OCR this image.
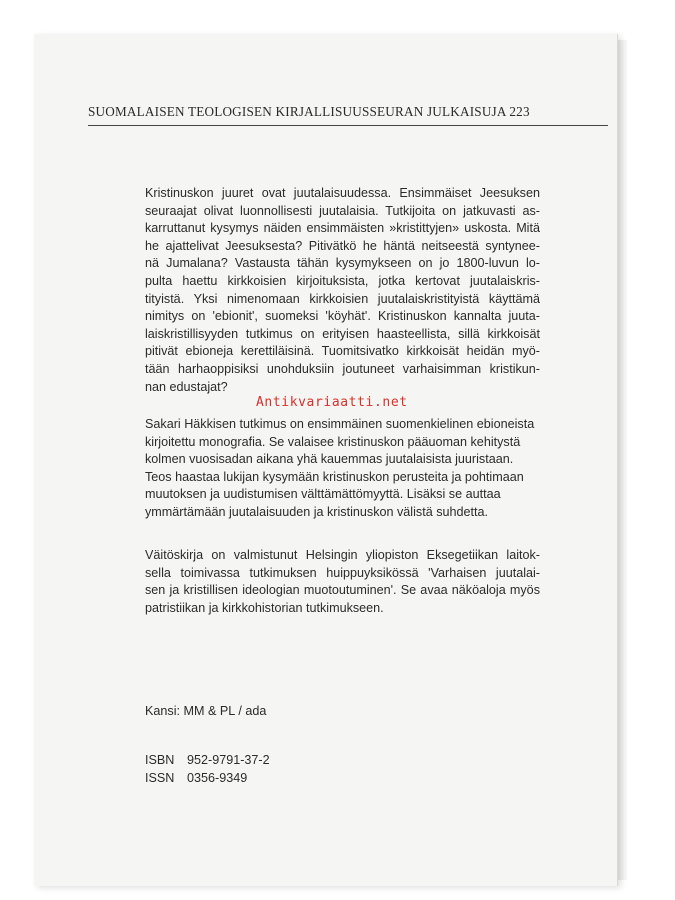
SUOMALAISEN TEOLOGISEN KIRJALLISUUSSEURAN JULKAISUJA 223
Kristinuskon juuret ovat juutalaisuudessa. Ensimmäiset Jeesuksen
seuraajat olivat luonnollisesti juutalaisia. Tutkijoita on jatkuvasti as-
karruttanut kysymys näiden ensimmäisten »kristittyjen» uskosta. Mitä
he ajattelivat Jeesuksesta? Pitivätkö he häntä neitseestä syntynee-
nä Jumalana? Vastausta tähän kysymykseen on jo 1800-luvun lo-
pulta haettu kirkkoisien kirjoituksista, jotka kertovat juutalaiskris-
tityistä. Yksi nimenomaan kirkkoisien juutalaiskristityistä käyttämä
nimitys on 'ebionit', suomeksi 'köyhät'. Kristinuskon kannalta juuta-
laiskristillisyyden tutkimus on erityisen haasteellista, sillä kirkkoisät
pitivät ebioneja kerettiläisinä. Tuomitsivatko kirkkoisät heidän myö-
tään harhaoppisiksi unohduksiin joutuneet varhaisimman kristikun-
nan edustajat?
Antikvariaatti.net
Sakari Häkkisen tutkimus on ensimmäinen suomenkielinen ebioneista
kirjoitettu monografia. Se valaisee kristinuskon pääuoman kehitystä
kolmen vuosisadan aikana yhä kauemmas juutalaisista juuristaan.
Teos haastaa lukijan kysymään kristinuskon perusteita ja pohtimaan
muutoksen ja uudistumisen välttämättömyyttä. Lisäksi se auttaa
ymmärtämään juutalaisuuden ja kristinuskon välistä suhdetta.
Väitöskirja on valmistunut Helsingin yliopiston Eksegetiikan laitok-
sella toimivassa tutkimuksen huippuyksikössä 'Varhaisen juutalai-
sen ja kristillisen ideologian muotoutuminen'. Se avaa näköaloja myös
patristiikan ja kirkkohistorian tutkimukseen.
Kansi: MM & PL / ada
ISBN 952-9791-37-2
ISSN 0356-9349
